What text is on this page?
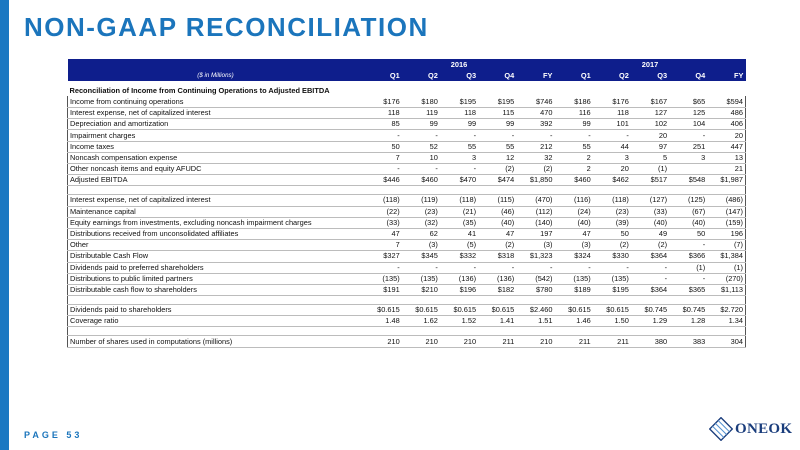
NON-GAAP RECONCILIATION
	2016					2017				
($ in Millions)	Q1	Q2	Q3	Q4	FY	Q1	Q2	Q3	Q4	FY
Reconciliation of Income from Continuing Operations to Adjusted EBITDA										
Income from continuing operations	$176	$180	$195	$195	$746	$186	$176	$167	$65	$594
Interest expense, net of capitalized interest	118	119	118	115	470	116	118	127	125	486
Depreciation and amortization	85	99	99	99	392	99	101	102	104	406
Impairment charges	-	-	-	-	-	-	-	20	-	20
Income taxes	50	52	55	55	212	55	44	97	251	447
Noncash compensation expense	7	10	3	12	32	2	3	5	3	13
Other noncash items and equity AFUDC	-	-	-	(2)	(2)	2	20	(1)		21
Adjusted EBITDA	$446	$460	$470	$474	$1,850	$460	$462	$517	$548	$1,987

Interest expense, net of capitalized interest	(118)	(119)	(118)	(115)	(470)	(116)	(118)	(127)	(125)	(486)
Maintenance capital	(22)	(23)	(21)	(46)	(112)	(24)	(23)	(33)	(67)	(147)
Equity earnings from investments, excluding noncash impairment charges	(33)	(32)	(35)	(40)	(140)	(40)	(39)	(40)	(40)	(159)
Distributions received from unconsolidated affiliates	47	62	41	47	197	47	50	49	50	196
Other	7	(3)	(5)	(2)	(3)	(3)	(2)	(2)	-	(7)
Distributable Cash Flow	$327	$345	$332	$318	$1,323	$324	$330	$364	$366	$1,384
Dividends paid to preferred shareholders	-	-	-	-	-	-	-	-	(1)	(1)
Distributions to public limited partners	(135)	(135)	(136)	(136)	(542)	(135)	(135)	-	-	(270)
Distributable cash flow to shareholders	$191	$210	$196	$182	$780	$189	$195	$364	$365	$1,113

Dividends paid to shareholders	$0.615	$0.615	$0.615	$0.615	$2.460	$0.615	$0.615	$0.745	$0.745	$2.720
Coverage ratio	1.48	1.62	1.52	1.41	1.51	1.46	1.50	1.29	1.28	1.34

Number of shares used in computations (millions)	210	210	210	211	210	211	211	380	383	304
PAGE 53	ONEOK
